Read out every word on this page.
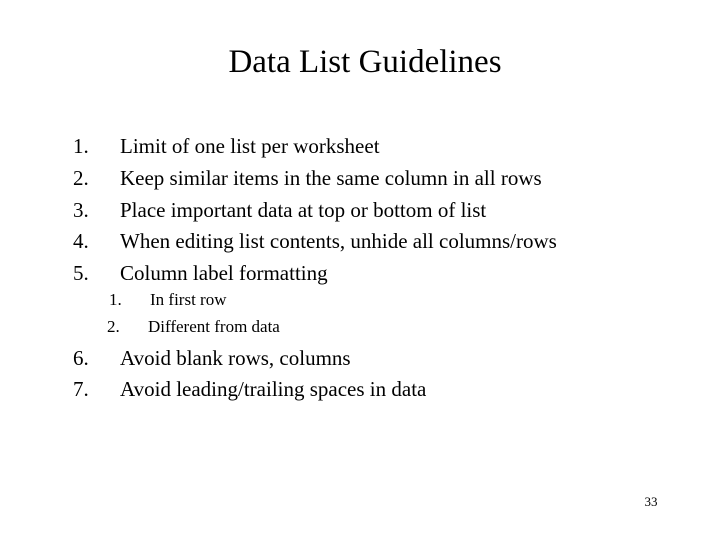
Data List Guidelines
1. Limit of one list per worksheet
2. Keep similar items in the same column in all rows
3. Place important data at top or bottom of list
4. When editing list contents, unhide all columns/rows
5. Column label formatting
1. In first row
2. Different from data
6. Avoid blank rows, columns
7. Avoid leading/trailing spaces in data
33
